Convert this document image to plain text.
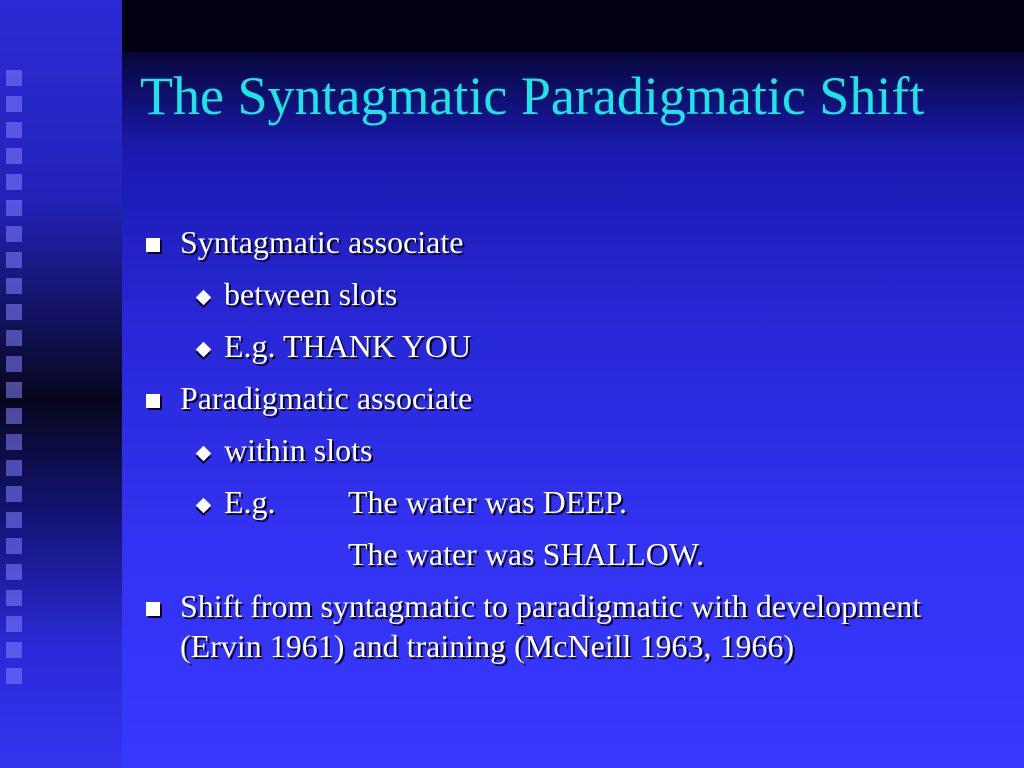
The Syntagmatic Paradigmatic Shift
Syntagmatic associate
between slots
E.g. THANK YOU
Paradigmatic associate
within slots
E.g. The water was DEEP.
The water was SHALLOW.
Shift from syntagmatic to paradigmatic with development (Ervin 1961) and training (McNeill 1963, 1966)
